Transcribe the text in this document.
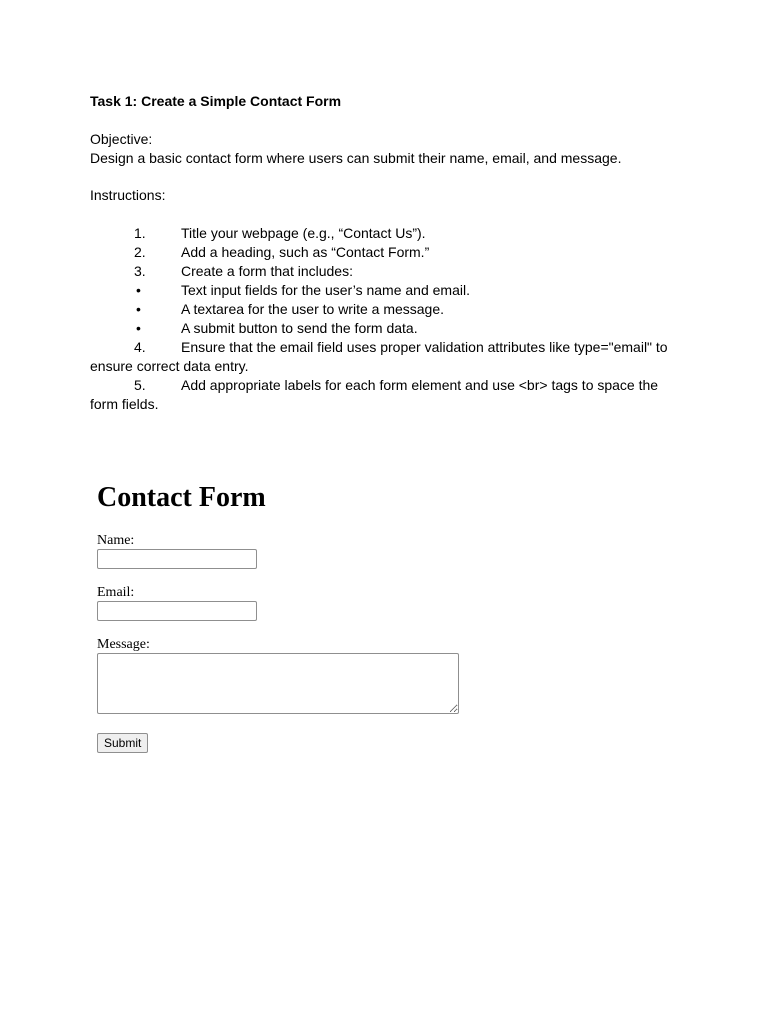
Task 1: Create a Simple Contact Form
Objective:
Design a basic contact form where users can submit their name, email, and message.
Instructions:
1.	Title your webpage (e.g., “Contact Us”).
2.	Add a heading, such as “Contact Form.”
3.	Create a form that includes:
•	Text input fields for the user’s name and email.
•	A textarea for the user to write a message.
•	A submit button to send the form data.
4.	Ensure that the email field uses proper validation attributes like type="email" to ensure correct data entry.
5.	Add appropriate labels for each form element and use <br> tags to space the form fields.
Contact Form
Name:
Email:
Message:
Submit
